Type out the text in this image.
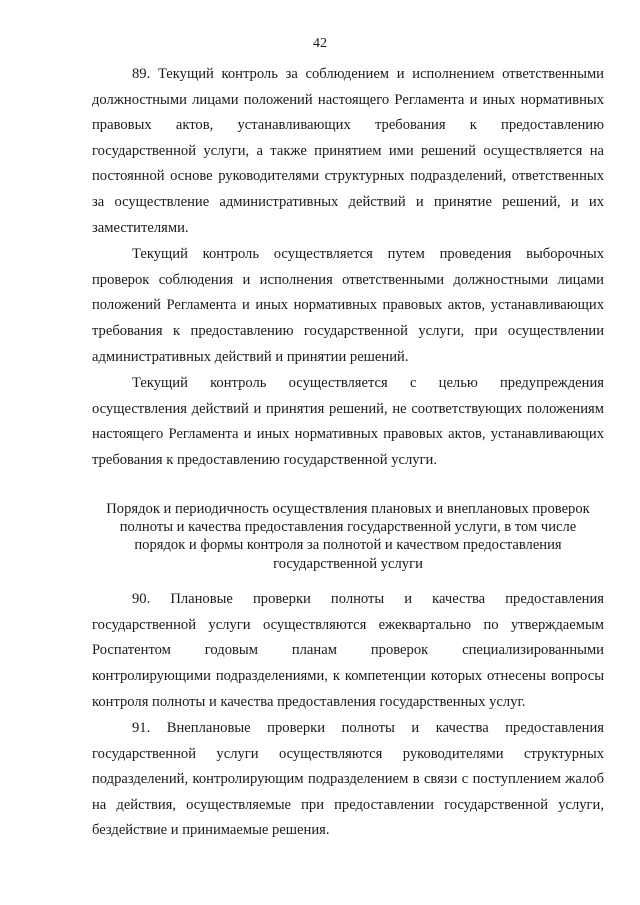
42

89. Текущий контроль за соблюдением и исполнением ответственными должностными лицами положений настоящего Регламента и иных нормативных правовых актов, устанавливающих требования к предоставлению государственной услуги, а также принятием ими решений осуществляется на постоянной основе руководителями структурных подразделений, ответственных за осуществление административных действий и принятие решений, и их заместителями.

Текущий контроль осуществляется путем проведения выборочных проверок соблюдения и исполнения ответственными должностными лицами положений Регламента и иных нормативных правовых актов, устанавливающих требования к предоставлению государственной услуги, при осуществлении административных действий и принятии решений.

Текущий контроль осуществляется с целью предупреждения осуществления действий и принятия решений, не соответствующих положениям настоящего Регламента и иных нормативных правовых актов, устанавливающих требования к предоставлению государственной услуги.

Порядок и периодичность осуществления плановых и внеплановых проверок полноты и качества предоставления государственной услуги, в том числе порядок и формы контроля за полнотой и качеством предоставления государственной услуги

90. Плановые проверки полноты и качества предоставления государственной услуги осуществляются ежеквартально по утверждаемым Роспатентом годовым планам проверок специализированными контролирующими подразделениями, к компетенции которых отнесены вопросы контроля полноты и качества предоставления государственных услуг.

91. Внеплановые проверки полноты и качества предоставления государственной услуги осуществляются руководителями структурных подразделений, контролирующим подразделением в связи с поступлением жалоб на действия, осуществляемые при предоставлении государственной услуги, бездействие и принимаемые решения.
